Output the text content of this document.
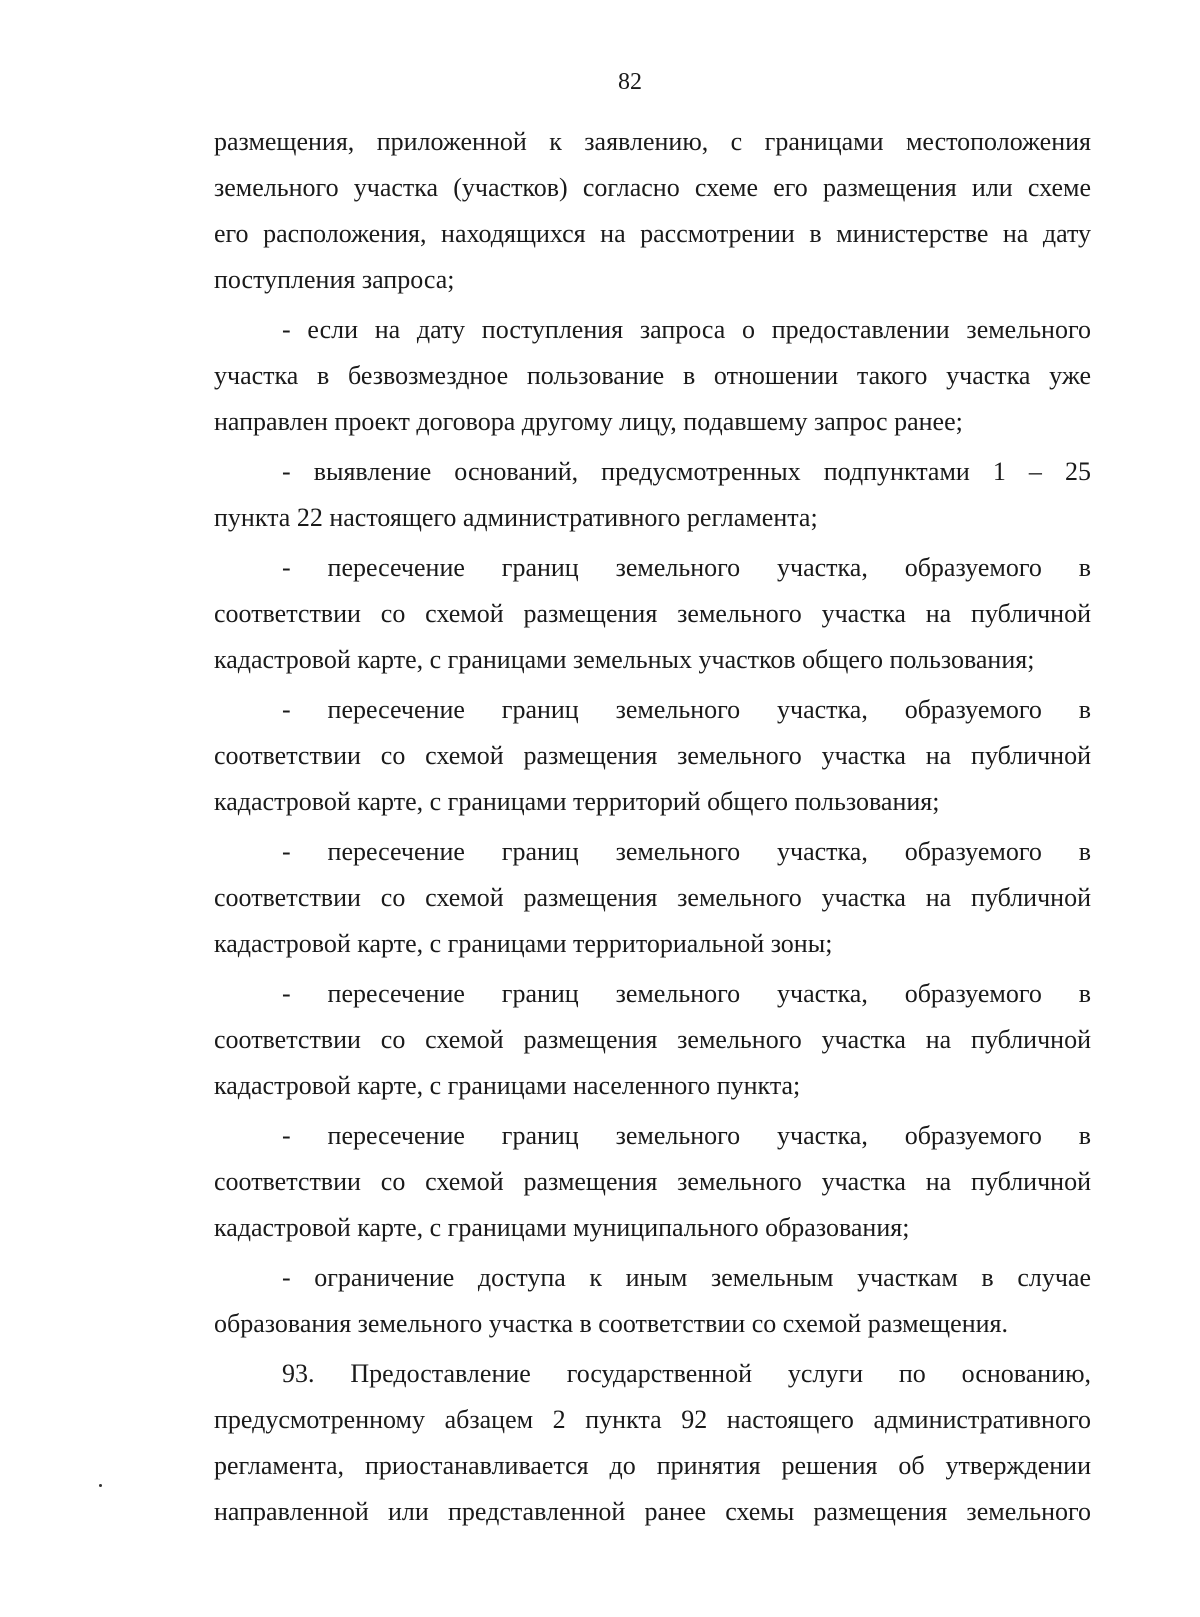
82
размещения, приложенной к заявлению, с границами местоположения
земельного участка (участков) согласно схеме его размещения или схеме
его расположения, находящихся на рассмотрении в министерстве на дату
поступления запроса;
- если на дату поступления запроса о предоставлении земельного
участка в безвозмездное пользование в отношении такого участка уже
направлен проект договора другому лицу, подавшему запрос ранее;
- выявление оснований, предусмотренных подпунктами 1 – 25
пункта 22 настоящего административного регламента;
- пересечение границ земельного участка, образуемого в
соответствии со схемой размещения земельного участка на публичной
кадастровой карте, с границами земельных участков общего пользования;
- пересечение границ земельного участка, образуемого в
соответствии со схемой размещения земельного участка на публичной
кадастровой карте, с границами территорий общего пользования;
- пересечение границ земельного участка, образуемого в
соответствии со схемой размещения земельного участка на публичной
кадастровой карте, с границами территориальной зоны;
- пересечение границ земельного участка, образуемого в
соответствии со схемой размещения земельного участка на публичной
кадастровой карте, с границами населенного пункта;
- пересечение границ земельного участка, образуемого в
соответствии со схемой размещения земельного участка на публичной
кадастровой карте, с границами муниципального образования;
- ограничение доступа к иным земельным участкам в случае
образования земельного участка в соответствии со схемой размещения.
93. Предоставление государственной услуги по основанию,
предусмотренному абзацем 2 пункта 92 настоящего административного
регламента, приостанавливается до принятия решения об утверждении
направленной или представленной ранее схемы размещения земельного
